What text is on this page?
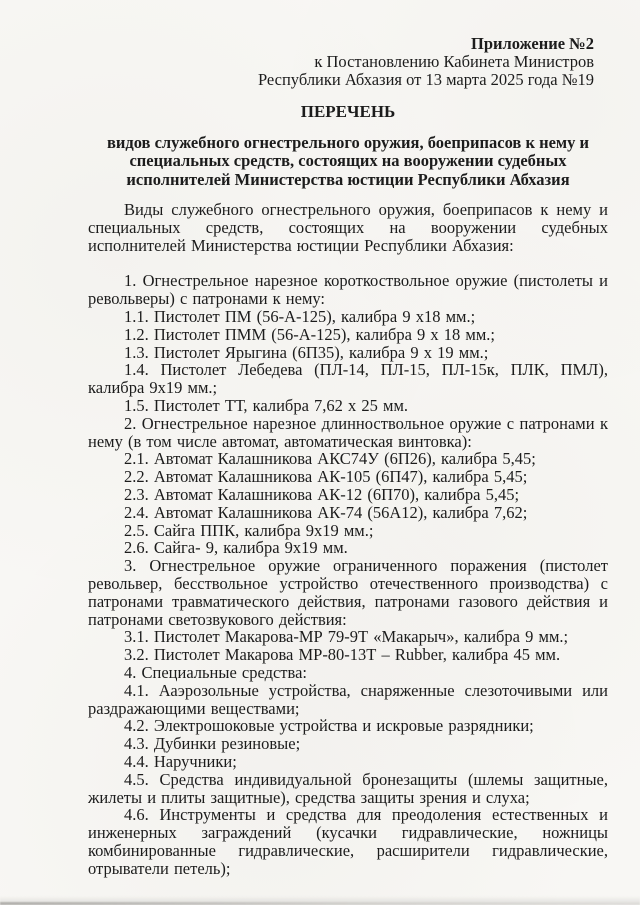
Приложение №2
к Постановлению Кабинета Министров
Республики Абхазия от 13 марта 2025 года №19
ПЕРЕЧЕНЬ
видов служебного огнестрельного оружия, боеприпасов к нему и
специальных средств, состоящих на вооружении судебных
исполнителей Министерства юстиции Республики Абхазия

Виды служебного огнестрельного оружия, боеприпасов к нему и специальных средств, состоящих на вооружении судебных исполнителей Министерства юстиции Республики Абхазия:

1. Огнестрельное нарезное короткоствольное оружие (пистолеты и револьверы) с патронами к нему:

1.1. Пистолет ПМ (56-А-125), калибра 9 х18 мм.;

1.2. Пистолет ПММ (56-А-125), калибра 9 х 18 мм.;

1.3. Пистолет Ярыгина (6П35), калибра 9 х 19 мм.;

1.4. Пистолет Лебедева (ПЛ-14, ПЛ-15, ПЛ-15к, ПЛК, ПМЛ), калибра 9х19 мм.;

1.5. Пистолет ТТ, калибра 7,62 х 25 мм.

2. Огнестрельное нарезное длинноствольное оружие с патронами к нему (в том числе автомат, автоматическая винтовка):

2.1. Автомат Калашникова АКС74У (6П26), калибра 5,45;

2.2. Автомат Калашникова АК-105 (6П47), калибра 5,45;

2.3. Автомат Калашникова АК-12 (6П70), калибра 5,45;

2.4. Автомат Калашникова АК-74 (56А12), калибра 7,62;

2.5. Сайга ППК, калибра 9х19 мм.;

2.6. Сайга- 9, калибра 9х19 мм.

3. Огнестрельное оружие ограниченного поражения (пистолет револьвер, бесствольное устройство отечественного производства) с патронами травматического действия, патронами газового действия и патронами светозвукового действия:

3.1. Пистолет Макарова-МР 79-9Т «Макарыч», калибра 9 мм.;

3.2. Пистолет Макарова МР-80-13Т – Rubber, калибра 45 мм.

4. Специальные средства:

4.1. Ааэрозольные устройства, снаряженные слезоточивыми или раздражающими веществами;

4.2. Электрошоковые устройства и искровые разрядники;

4.3. Дубинки резиновые;

4.4. Наручники;

4.5. Средства индивидуальной бронезащиты (шлемы защитные, жилеты и плиты защитные), средства защиты зрения и слуха;

4.6. Инструменты и средства для преодоления естественных и инженерных заграждений (кусачки гидравлические, ножницы комбинированные гидравлические, расширители гидравлические, отрыватели петель);
